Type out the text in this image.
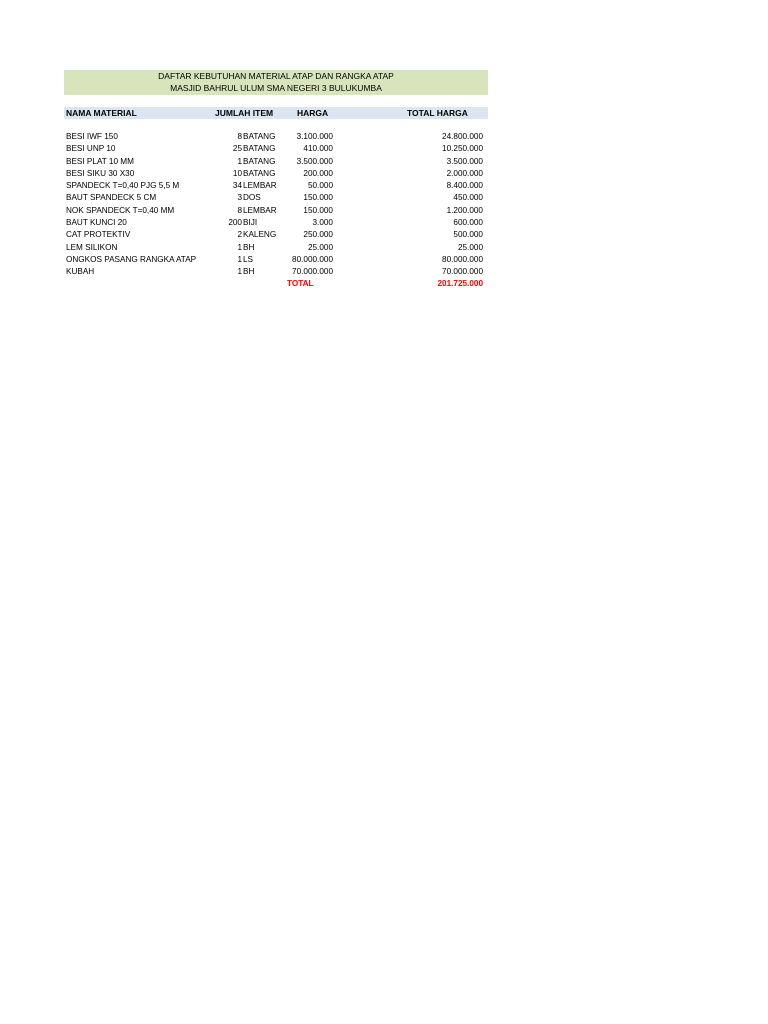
DAFTAR KEBUTUHAN MATERIAL ATAP DAN RANGKA ATAP
MASJID BAHRUL ULUM SMA NEGERI 3 BULUKUMBA
NAMA MATERIAL	JUMLAH ITEM	HARGA	TOTAL HARGA
BESI IWF 150	8 BATANG	3.100.000	24.800.000
BESI UNP 10	25 BATANG	410.000	10.250.000
BESI PLAT 10 MM	1 BATANG	3.500.000	3.500.000
BESI SIKU 30 X30	10 BATANG	200.000	2.000.000
SPANDECK T=0,40 PJG 5,5 M	34 LEMBAR	50.000	8.400.000
BAUT SPANDECK 5 CM	3 DOS	150.000	450.000
NOK SPANDECK T=0,40 MM	8 LEMBAR	150.000	1.200.000
BAUT KUNCI 20	200 BIJI	3.000	600.000
CAT PROTEKTIV	2 KALENG	250.000	500.000
LEM SILIKON	1 BH	25.000	25.000
ONGKOS PASANG RANGKA ATAP	1 LS	80.000.000	80.000.000
KUBAH	1 BH	70.000.000	70.000.000
TOTAL	201.725.000
